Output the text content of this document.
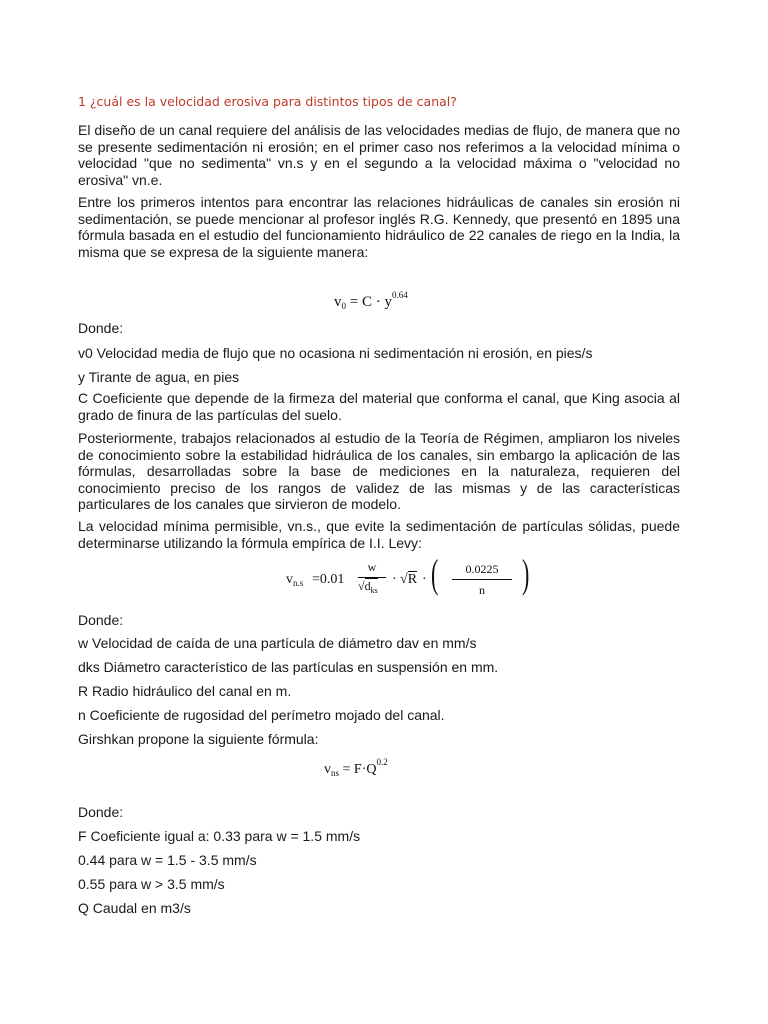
1 ¿cuál es la velocidad erosiva para distintos tipos de canal?

El diseño de un canal requiere del análisis de las velocidades medias de flujo, de manera que no se presente sedimentación ni erosión; en el primer caso nos referimos a la velocidad mínima o velocidad "que no sedimenta" vn.s y en el segundo a la velocidad máxima o "velocidad no erosiva" vn.e.

Entre los primeros intentos para encontrar las relaciones hidráulicas de canales sin erosión ni sedimentación, se puede mencionar al profesor inglés R.G. Kennedy, que presentó en 1895 una fórmula basada en el estudio del funcionamiento hidráulico de 22 canales de riego en la India, la misma que se expresa de la siguiente manera:

$v_0 = C \cdot y^{0.64}$

Donde:

v0 Velocidad media de flujo que no ocasiona ni sedimentación ni erosión, en pies/s

y Tirante de agua, en pies

C Coeficiente que depende de la firmeza del material que conforma el canal, que King asocia al grado de finura de las partículas del suelo.

Posteriormente, trabajos relacionados al estudio de la Teoría de Régimen, ampliaron los niveles de conocimiento sobre la estabilidad hidráulica de los canales, sin embargo la aplicación de las fórmulas, desarrolladas sobre la base de mediciones en la naturaleza, requieren del conocimiento preciso de los rangos de validez de las mismas y de las características particulares de los canales que sirvieron de modelo.

La velocidad mínima permisible, vn.s., que evite la sedimentación de partículas sólidas, puede determinarse utilizando la fórmula empírica de I.I. Levy:

$v_{n.s} =0.01$
w
$√d_{ks}$
· √R · (	0.0225
n )

Donde:

w Velocidad de caída de una partícula de diámetro dav en mm/s

dks Diámetro característico de las partículas en suspensión en mm.

R Radio hidráulico del canal en m.

n Coeficiente de rugosidad del perímetro mojado del canal.

Girshkan propone la siguiente fórmula:

$v_{ns} = F\cdot Q^{0.2}$

Donde:

F Coeficiente igual a: 0.33 para w = 1.5 mm/s

0.44 para w = 1.5 - 3.5 mm/s

0.55 para w > 3.5 mm/s

Q Caudal en m3/s
